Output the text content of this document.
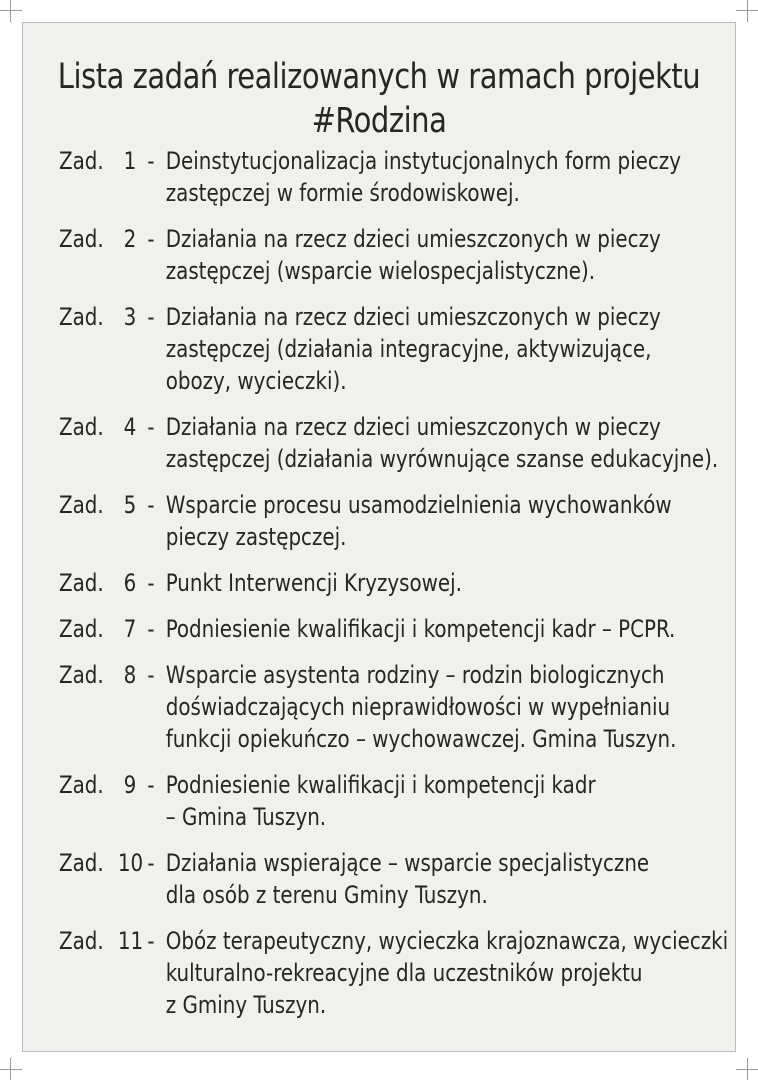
Lista zadań realizowanych w ramach projektu
#Rodzina
Zad. 1 - Deinstytucjonalizacja instytucjonalnych form pieczy
zastępczej w formie środowiskowej.
Zad. 2 - Działania na rzecz dzieci umieszczonych w pieczy
zastępczej (wsparcie wielospecjalistyczne).
Zad. 3 - Działania na rzecz dzieci umieszczonych w pieczy
zastępczej (działania integracyjne, aktywizujące,
obozy, wycieczki).
Zad. 4 - Działania na rzecz dzieci umieszczonych w pieczy
zastępczej (działania wyrównujące szanse edukacyjne).
Zad. 5 - Wsparcie procesu usamodzielnienia wychowanków
pieczy zastępczej.
Zad. 6 - Punkt Interwencji Kryzysowej.
Zad. 7 - Podniesienie kwalifikacji i kompetencji kadr – PCPR.
Zad. 8 - Wsparcie asystenta rodziny – rodzin biologicznych
doświadczających nieprawidłowości w wypełnianiu
funkcji opiekuńczo – wychowawczej. Gmina Tuszyn.
Zad. 9 - Podniesienie kwalifikacji i kompetencji kadr
– Gmina Tuszyn.
Zad. 10 - Działania wspierające – wsparcie specjalistyczne
dla osób z terenu Gminy Tuszyn.
Zad. 11 - Obóz terapeutyczny, wycieczka krajoznawcza, wycieczki
kulturalno-rekreacyjne dla uczestników projektu
z Gminy Tuszyn.
